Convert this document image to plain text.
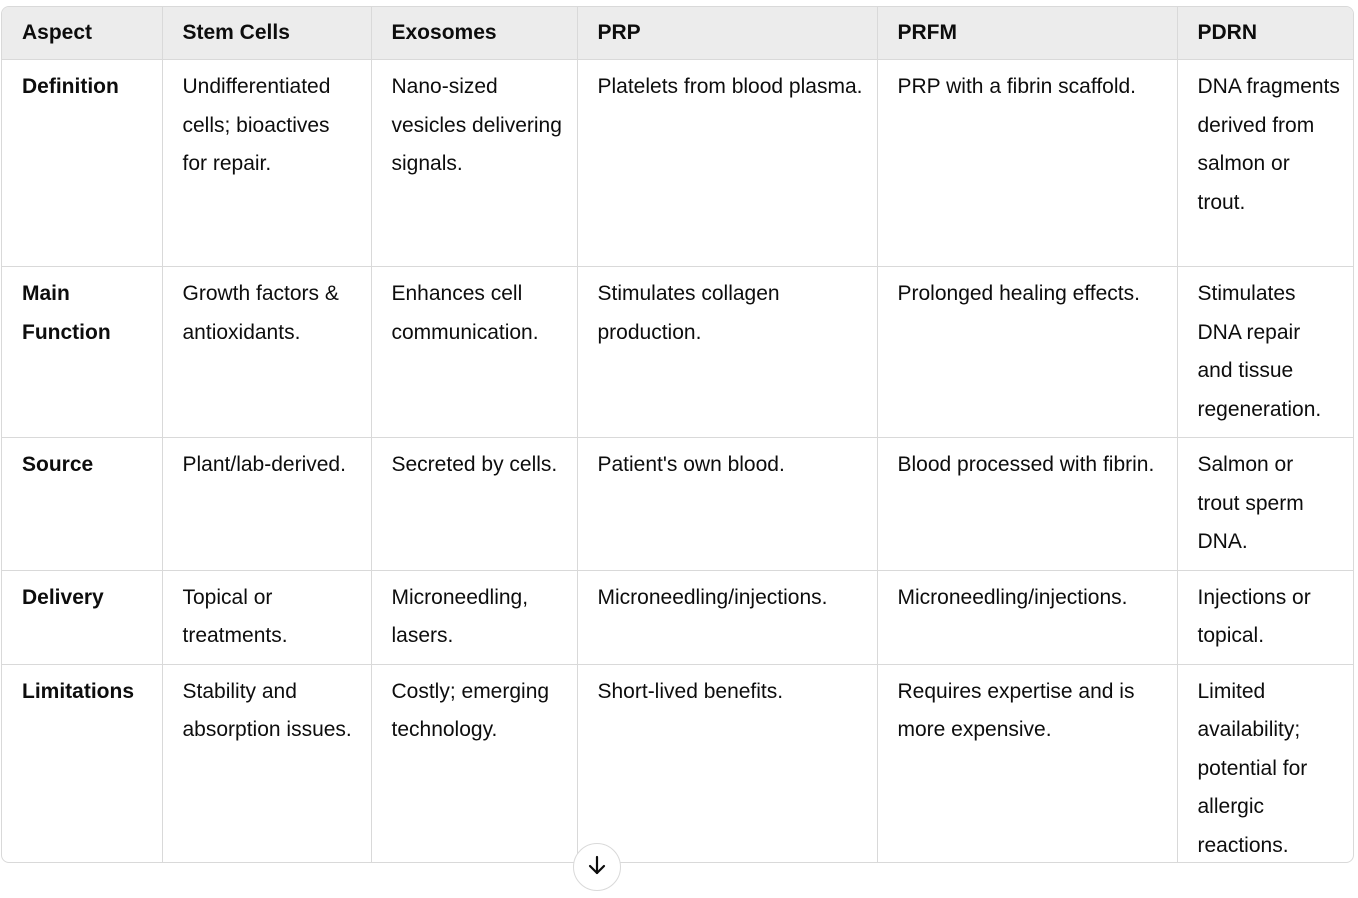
Aspect	Stem Cells	Exosomes	PRP	PRFM	PDRN
Definition	Undifferentiated cells; bioactives for repair.	Nano-sized vesicles delivering signals.	Platelets from blood plasma.	PRP with a fibrin scaffold.	DNA fragments derived from salmon or trout.
Main Function	Growth factors & antioxidants.	Enhances cell communication.	Stimulates collagen production.	Prolonged healing effects.	Stimulates DNA repair and tissue regeneration.
Source	Plant/lab-derived.	Secreted by cells.	Patient's own blood.	Blood processed with fibrin.	Salmon or trout sperm DNA.
Delivery	Topical or treatments.	Microneedling, lasers.	Microneedling/injections.	Microneedling/injections.	Injections or topical.
Limitations	Stability and absorption issues.	Costly; emerging technology.	Short-lived benefits.	Requires expertise and is more expensive.	Limited availability; potential for allergic reactions.
